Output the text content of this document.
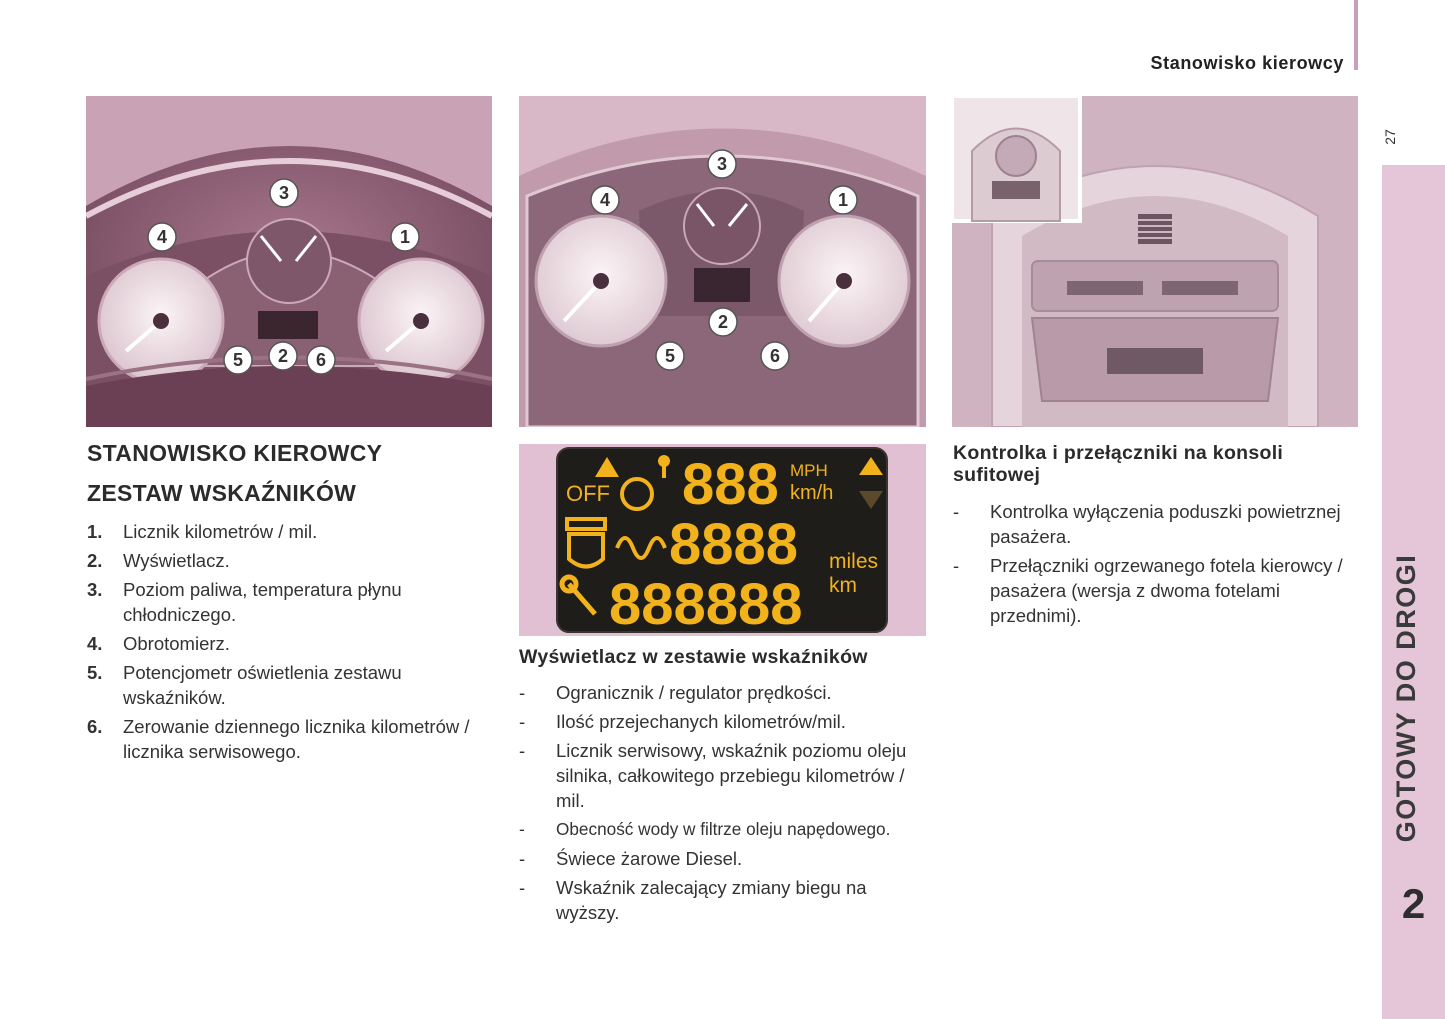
Stanowisko kierowcy
27
GOTOWY DO DROGI
2
3
4	1
5 2 6
3
4	1
2
5	6
OFF 888 MPH
km/h
8888 miles
888888 km
STANOWISKO KIEROWCY
ZESTAW WSKAŹNIKÓW
1. Licznik kilometrów / mil.
2. Wyświetlacz.
3. Poziom paliwa, temperatura płynu chłodniczego.
4. Obrotomierz.
5. Potencjometr oświetlenia zestawu wskaźników.
6. Zerowanie dziennego licznika kilometrów / licznika serwisowego.
Wyświetlacz w zestawie wskaźników
- Ogranicznik / regulator prędkości.
- Ilość przejechanych kilometrów/mil.
- Licznik serwisowy, wskaźnik poziomu oleju silnika, całkowitego przebiegu kilometrów / mil.
- Obecność wody w filtrze oleju napędowego.
- Świece żarowe Diesel.
- Wskaźnik zalecający zmiany biegu na wyższy.
Kontrolka i przełączniki na konsoli sufitowej
- Kontrolka wyłączenia poduszki powietrznej pasażera.
- Przełączniki ogrzewanego fotela kierowcy / pasażera (wersja z dwoma fotelami przednimi).
